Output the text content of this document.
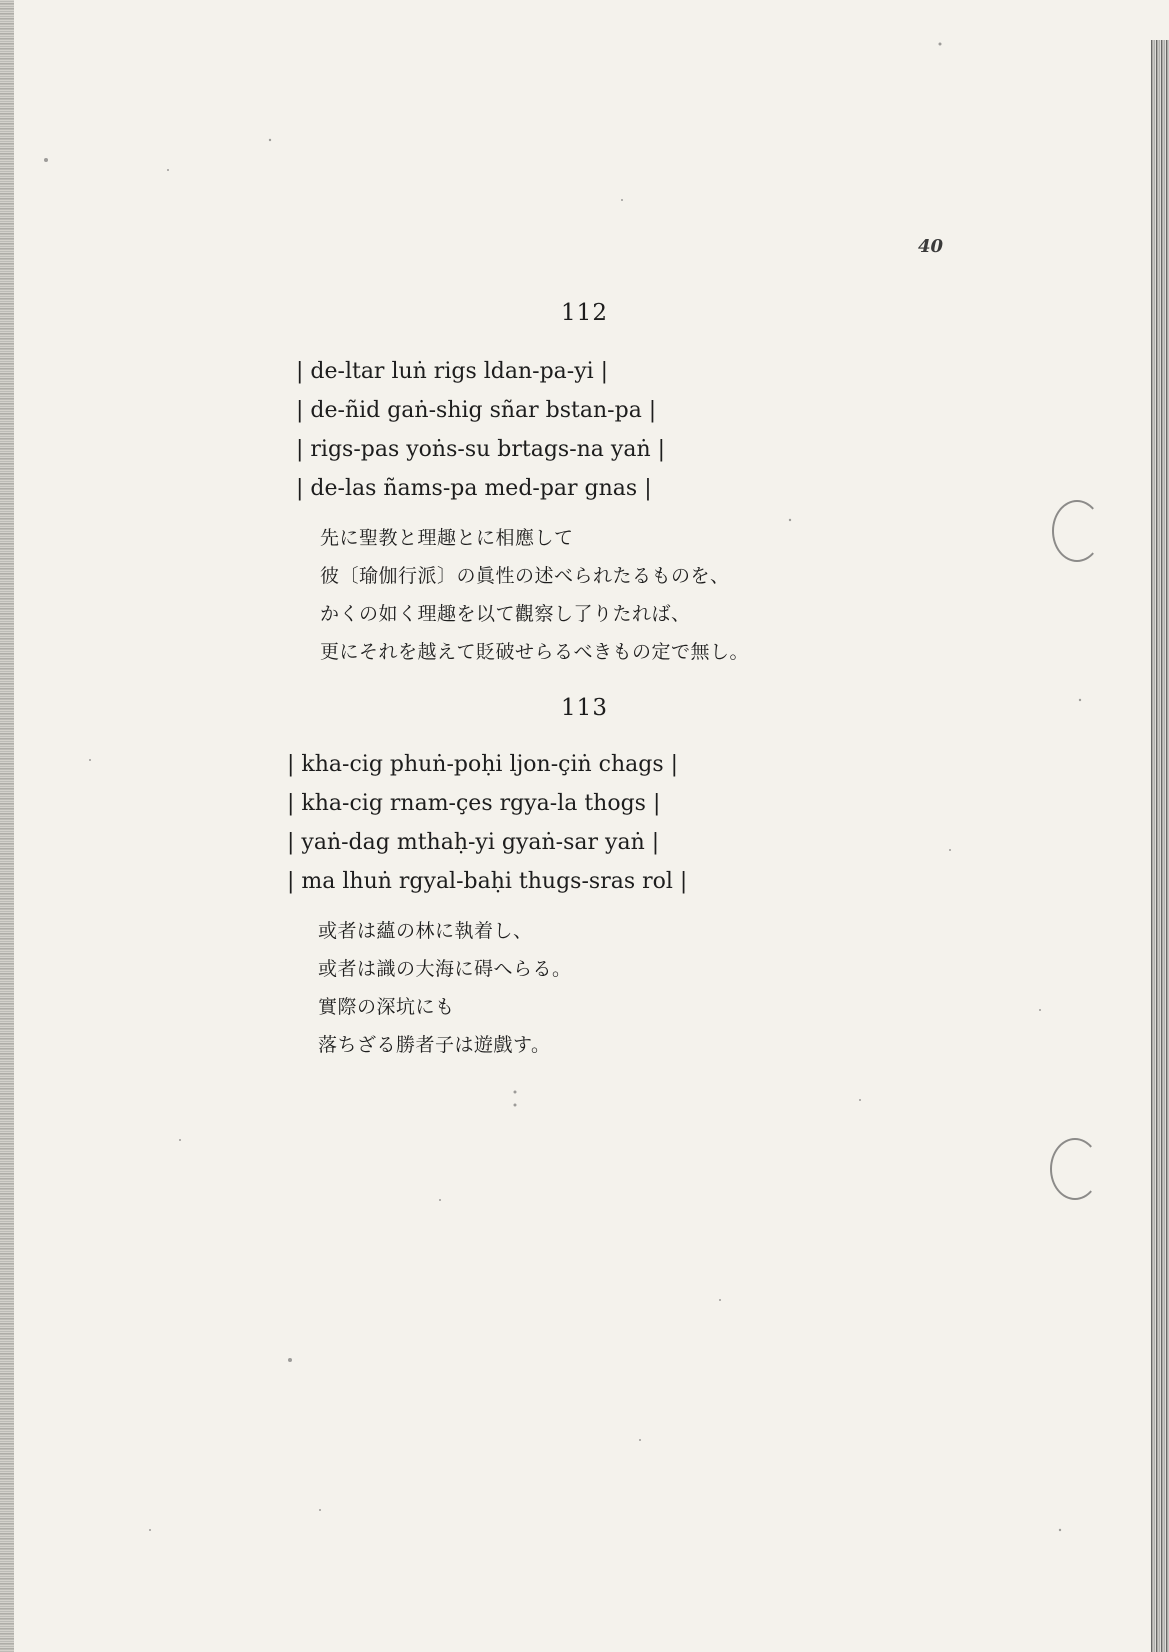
40
112
| de-ltar luṅ rigs ldan-pa-yi |
| de-ñid gaṅ-shig sñar bstan-pa |
| rigs-pas yoṅs-su brtags-na yaṅ |
| de-las ñams-pa med-par gnas |
先に聖教と理趣とに相應して
彼〔瑜伽行派〕の眞性の述べられたるものを、
かくの如く理趣を以て觀察し了りたれば、
更にそれを越えて貶破せらるべきもの定で無し。
113
| kha-cig phuṅ-poḥi ljon-çiṅ chags |
| kha-cig rnam-çes rgya-la thogs |
| yaṅ-dag mthaḥ-yi gyaṅ-sar yaṅ |
| ma lhuṅ rgyal-baḥi thugs-sras rol |
或者は蘊の林に執着し、
或者は識の大海に碍へらる。
實際の深坑にも
落ちざる勝者子は遊戲す。
